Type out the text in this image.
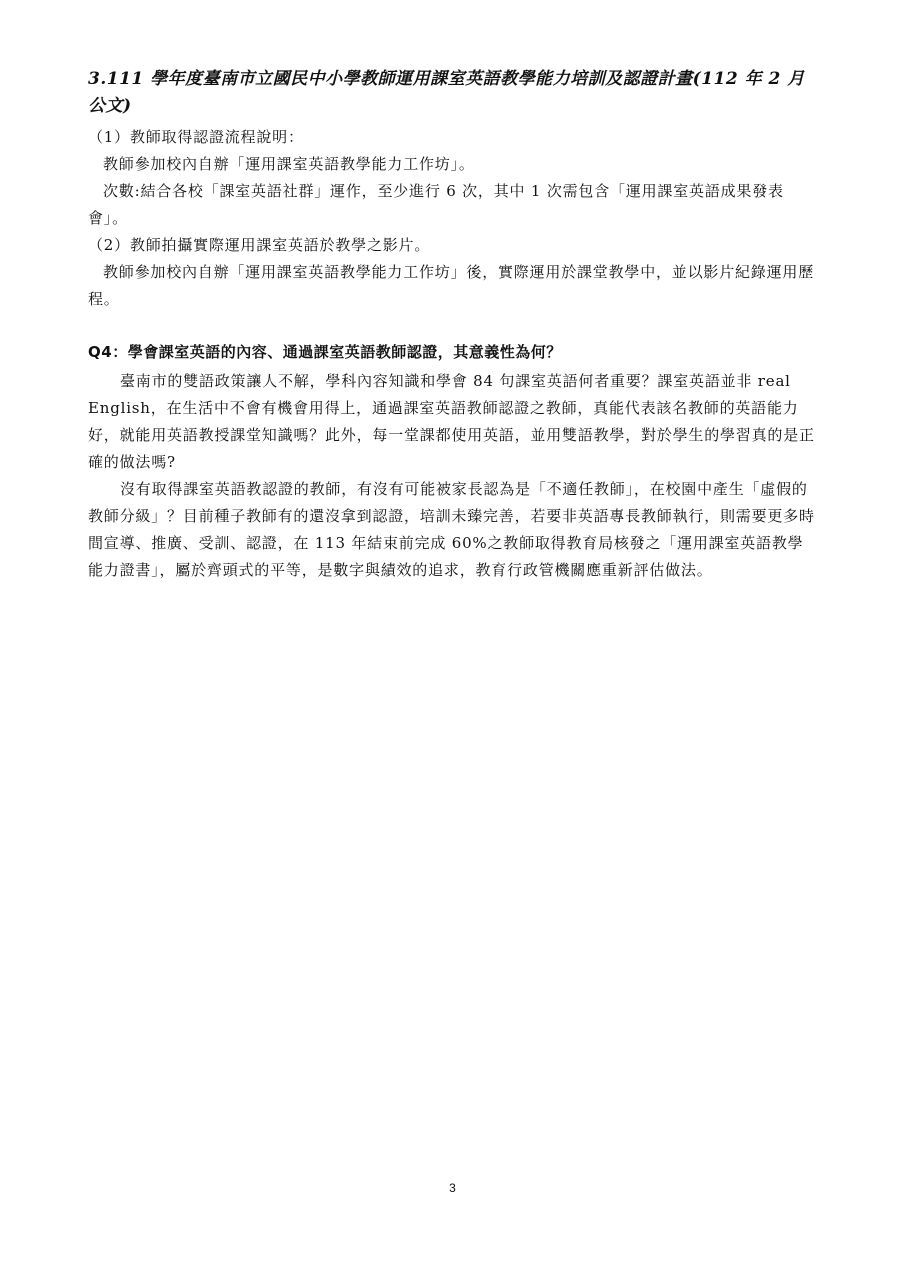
3.111 學年度臺南市立國民中小學教師運用課室英語教學能力培訓及認證計畫(112 年 2 月公文)

（1）教師取得認證流程說明：

教師參加校內自辦「運用課室英語教學能力工作坊」。

次數:結合各校「課室英語社群」運作，至少進行 6 次，其中 1 次需包含「運用課室英語成果發表會」。

（2）教師拍攝實際運用課室英語於教學之影片。

教師參加校內自辦「運用課室英語教學能力工作坊」後，實際運用於課堂教學中，並以影片紀錄運用歷程。

Q4：學會課室英語的內容、通過課室英語教師認證，其意義性為何？

臺南市的雙語政策讓人不解，學科內容知識和學會 84 句課室英語何者重要？課室英語並非 real English，在生活中不會有機會用得上，通過課室英語教師認證之教師，真能代表該名教師的英語能力好，就能用英語教授課堂知識嗎？此外，每一堂課都使用英語，並用雙語教學，對於學生的學習真的是正確的做法嗎?

沒有取得課室英語教認證的教師，有沒有可能被家長認為是「不適任教師」，在校園中產生「虛假的教師分級」？目前種子教師有的還沒拿到認證，培訓未臻完善，若要非英語專長教師執行，則需要更多時間宣導、推廣、受訓、認證，在 113 年結束前完成 60%之教師取得教育局核發之「運用課室英語教學能力證書」，屬於齊頭式的平等，是數字與績效的追求，教育行政管機關應重新評估做法。

3
